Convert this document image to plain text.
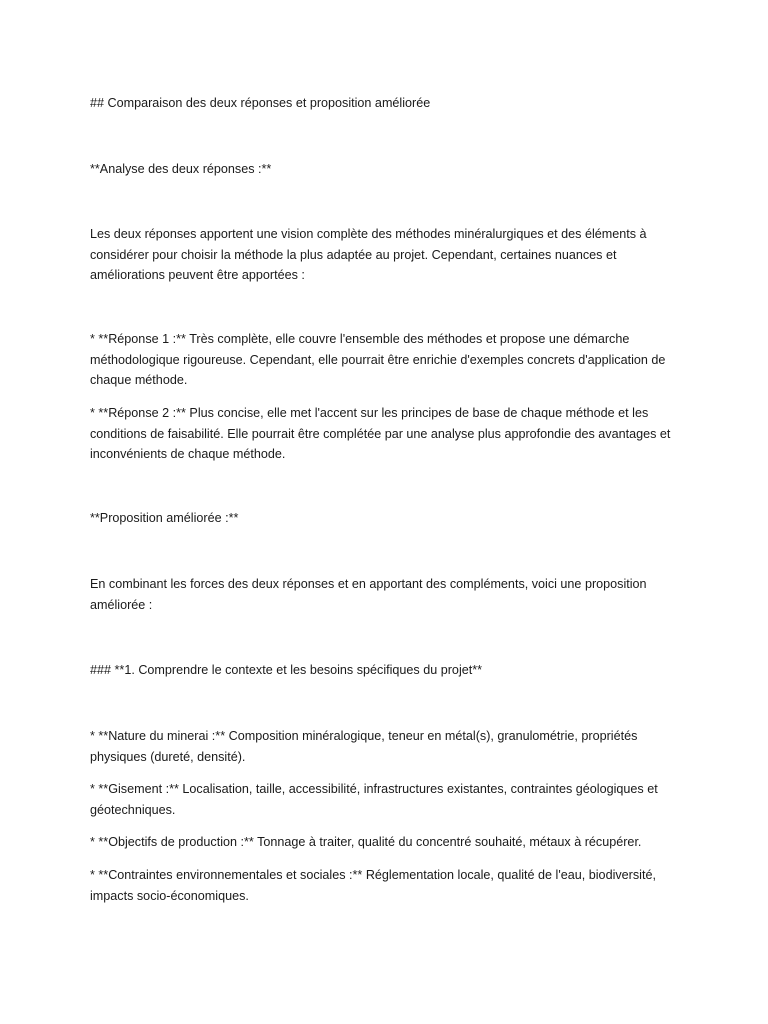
## Comparaison des deux réponses et proposition améliorée

**Analyse des deux réponses :**

Les deux réponses apportent une vision complète des méthodes minéralurgiques et des éléments à considérer pour choisir la méthode la plus adaptée au projet. Cependant, certaines nuances et améliorations peuvent être apportées :

* **Réponse 1 :** Très complète, elle couvre l'ensemble des méthodes et propose une démarche méthodologique rigoureuse. Cependant, elle pourrait être enrichie d'exemples concrets d'application de chaque méthode.

* **Réponse 2 :** Plus concise, elle met l'accent sur les principes de base de chaque méthode et les conditions de faisabilité. Elle pourrait être complétée par une analyse plus approfondie des avantages et inconvénients de chaque méthode.

**Proposition améliorée :**

En combinant les forces des deux réponses et en apportant des compléments, voici une proposition améliorée :

### **1. Comprendre le contexte et les besoins spécifiques du projet**

* **Nature du minerai :** Composition minéralogique, teneur en métal(s), granulométrie, propriétés physiques (dureté, densité).

* **Gisement :** Localisation, taille, accessibilité, infrastructures existantes, contraintes géologiques et géotechniques.

* **Objectifs de production :** Tonnage à traiter, qualité du concentré souhaité, métaux à récupérer.

* **Contraintes environnementales et sociales :** Réglementation locale, qualité de l'eau, biodiversité, impacts socio-économiques.
